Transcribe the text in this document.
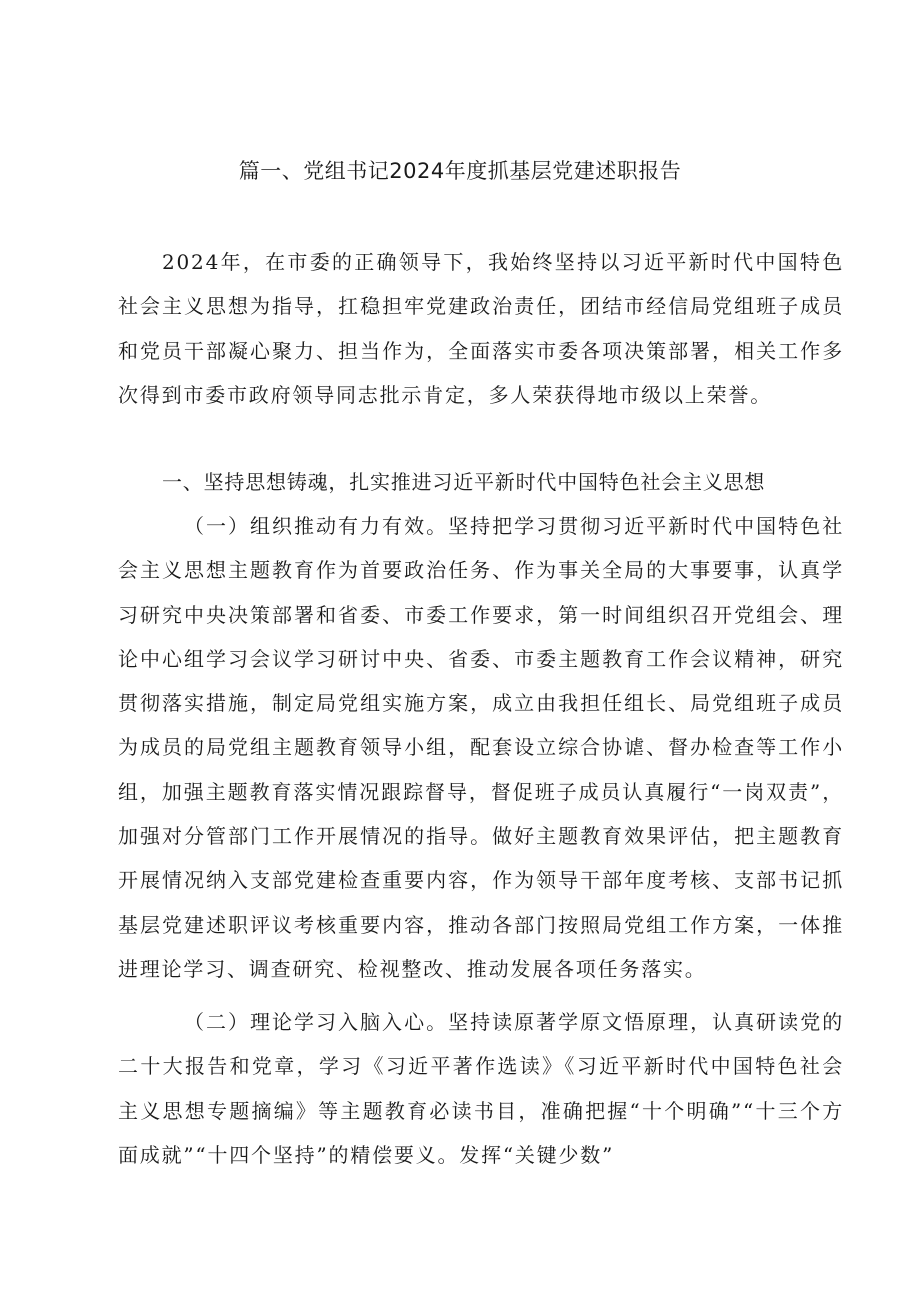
篇一、党组书记2024年度抓基层党建述职报告
2024年，在市委的正确领导下，我始终坚持以习近平新时代中国特色社会主义思想为指导，扛稳担牢党建政治责任，团结市经信局党组班子成员和党员干部凝心聚力、担当作为，全面落实市委各项决策部署，相关工作多次得到市委市政府领导同志批示肯定，多人荣获得地市级以上荣誉。
一、坚持思想铸魂，扎实推进习近平新时代中国特色社会主义思想
（一）组织推动有力有效。坚持把学习贯彻习近平新时代中国特色社会主义思想主题教育作为首要政治任务、作为事关全局的大事要事，认真学习研究中央决策部署和省委、市委工作要求，第一时间组织召开党组会、理论中心组学习会议学习研讨中央、省委、市委主题教育工作会议精神，研究贯彻落实措施，制定局党组实施方案，成立由我担任组长、局党组班子成员为成员的局党组主题教育领导小组，配套设立综合协谑、督办检查等工作小组，加强主题教育落实情况跟踪督导，督促班子成员认真履行“一岗双责”，加强对分管部门工作开展情况的指导。做好主题教育效果评估，把主题教育开展情况纳入支部党建检查重要内容，作为领导干部年度考核、支部书记抓基层党建述职评议考核重要内容，推动各部门按照局党组工作方案，一体推进理论学习、调查研究、检视整改、推动发展各项任务落实。
（二）理论学习入脑入心。坚持读原著学原文悟原理，认真研读党的二十大报告和党章，学习《习近平著作选读》《习近平新时代中国特色社会主义思想专题摘编》等主题教育必读书目，准确把握“十个明确”“十三个方面成就”“十四个坚持”的精偿要义。发挥“关键少数”
